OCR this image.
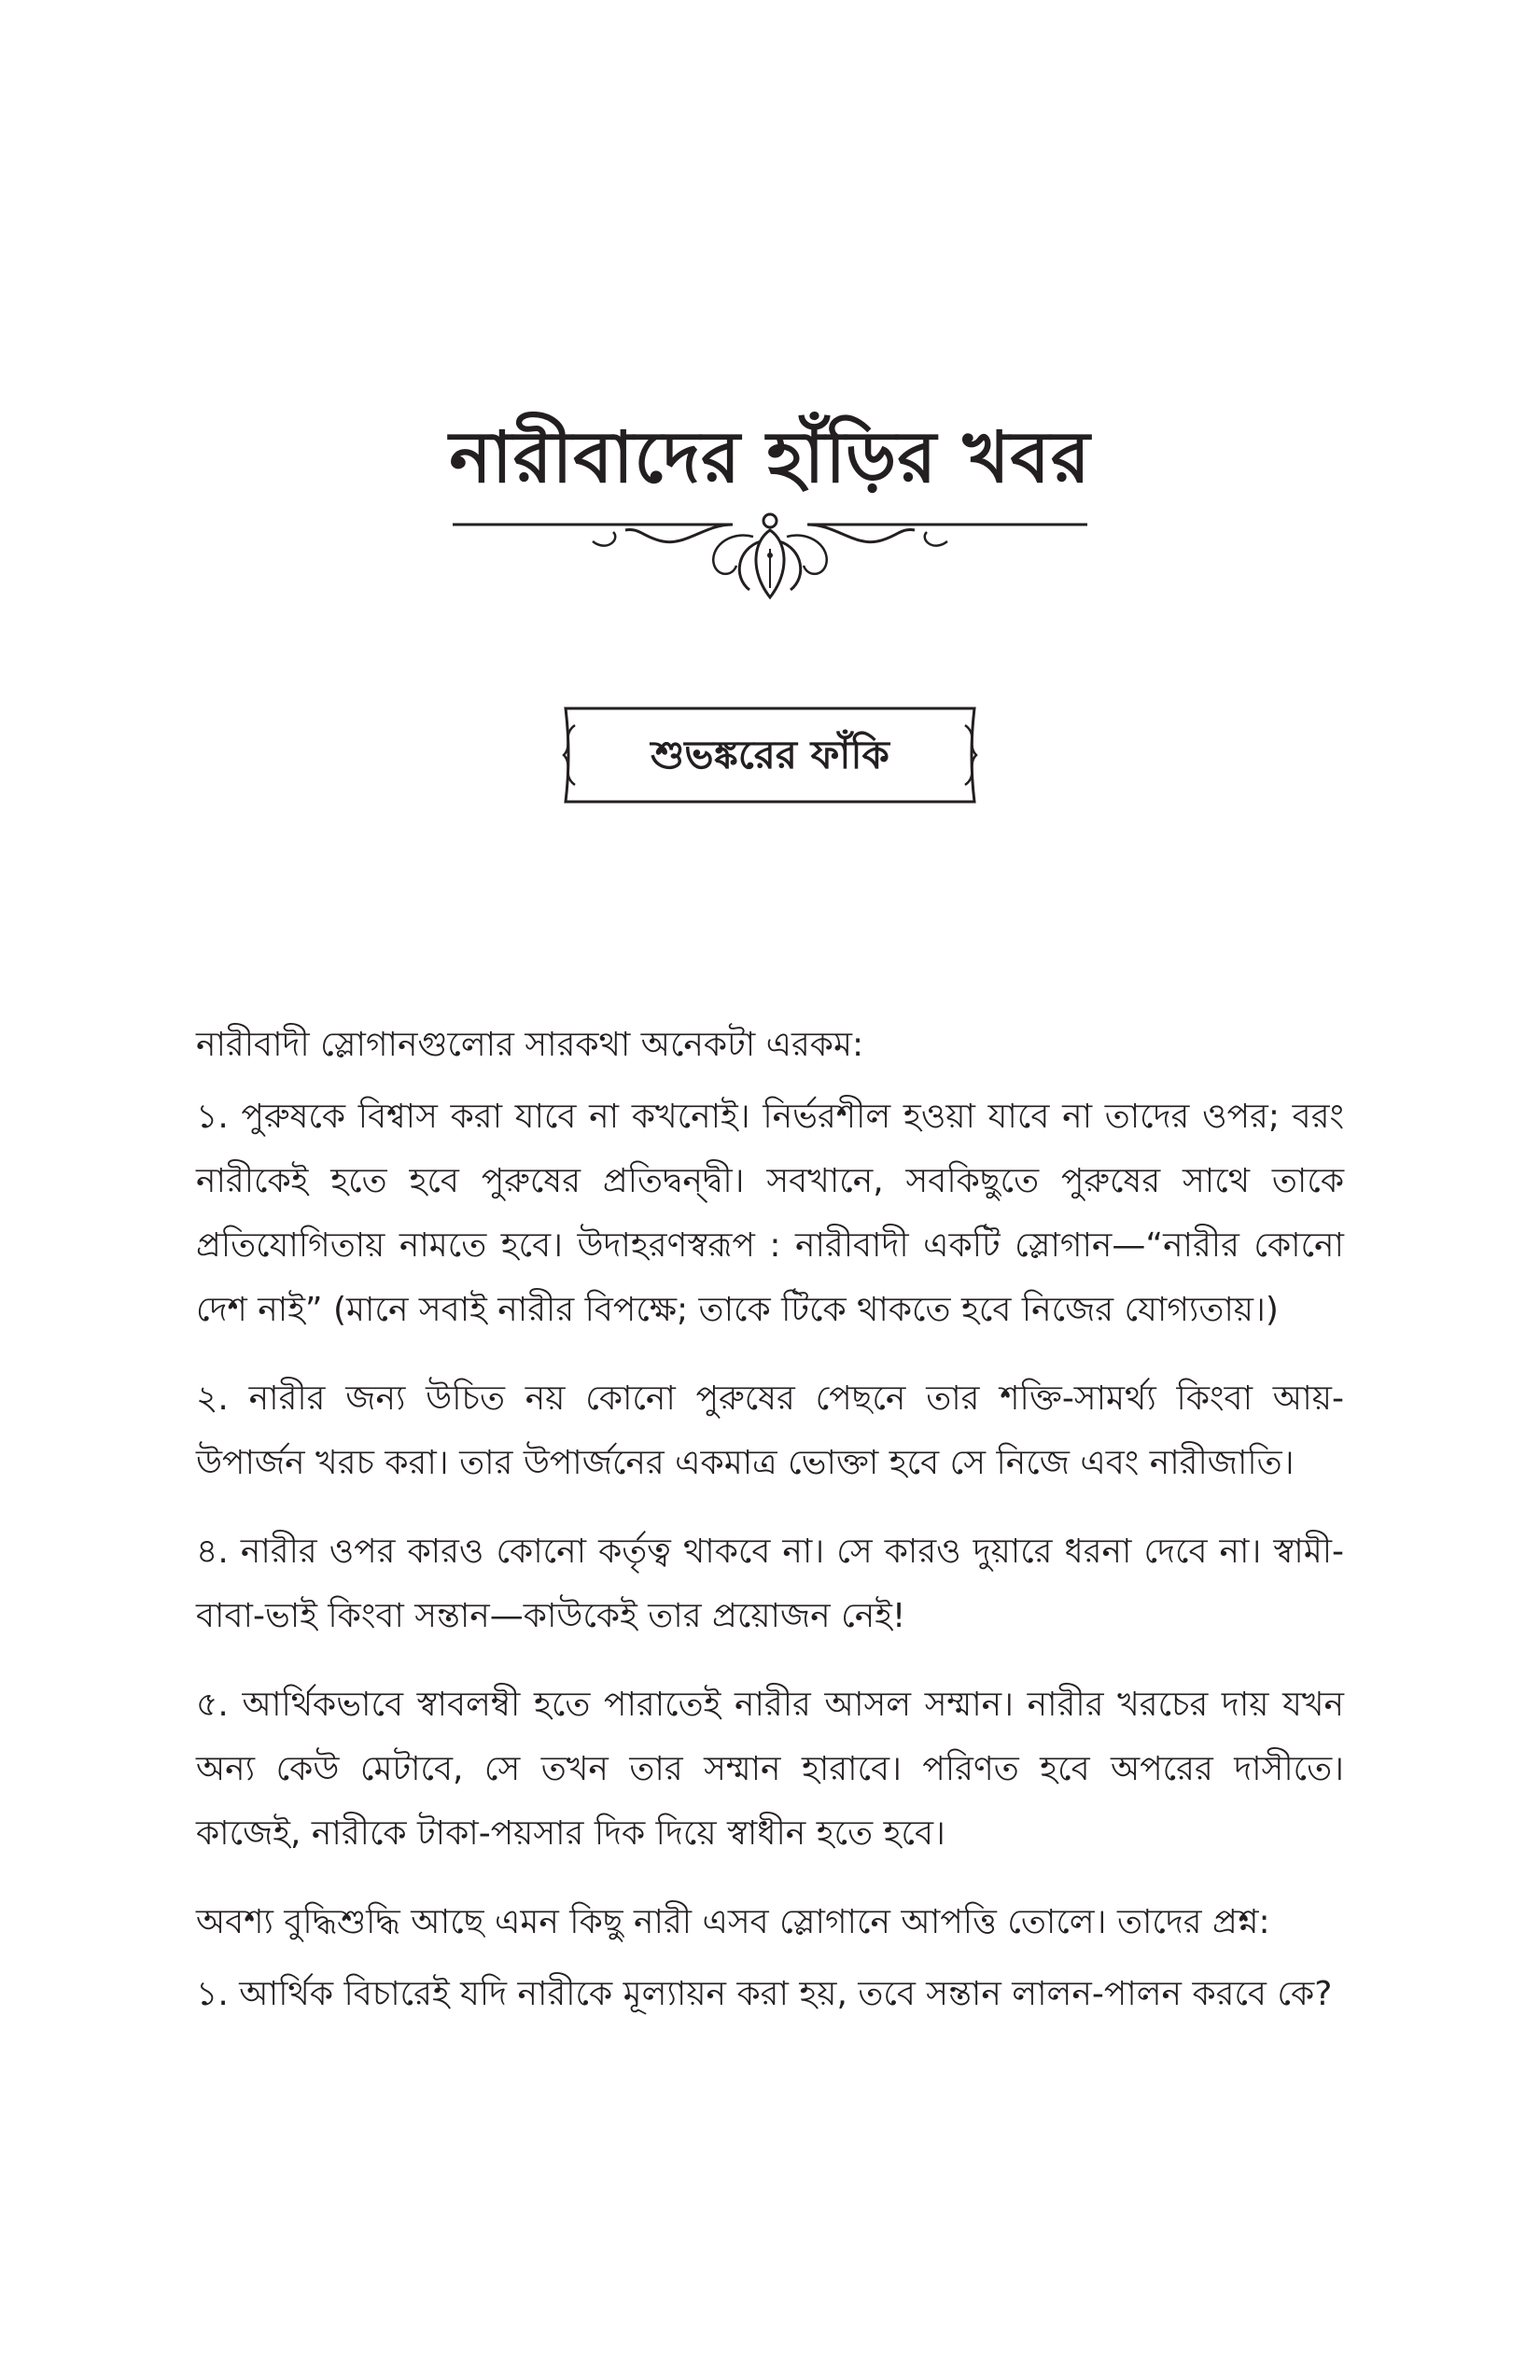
নারীবাদের হাঁড়ির খবর
শুভঙ্করের ফাঁকি

নারীবাদী স্লোগানগুলোর সারকথা অনেকটা এরকম:

১. পুরুষকে বিশ্বাস করা যাবে না কখনোই। নির্ভরশীল হওয়া যাবে না তাদের ওপর; বরং নারীকেই হতে হবে পুরুষের প্রতিদ্বন্দ্বী। সবখানে, সবকিছুতে পুরুষের সাথে তাকে প্রতিযোগিতায় নামতে হবে। উদাহরণস্বরূপ : নারীবাদী একটি স্লোগান—“নারীর কোনো দেশ নাই” (মানে সবাই নারীর বিপক্ষে; তাকে টিকে থাকতে হবে নিজের যোগ্যতায়।)

২. নারীর জন্য উচিত নয় কোনো পুরুষের পেছনে তার শক্তি-সামর্থ্য কিংবা আয়-উপার্জন খরচ করা। তার উপার্জনের একমাত্র ভোক্তা হবে সে নিজে এবং নারীজাতি।

৪. নারীর ওপর কারও কোনো কর্তৃত্ব থাকবে না। সে কারও দুয়ারে ধরনা দেবে না। স্বামী-বাবা-ভাই কিংবা সন্তান—কাউকেই তার প্রয়োজন নেই!

৫. আর্থিকভাবে স্বাবলম্বী হতে পারাতেই নারীর আসল সম্মান। নারীর খরচের দায় যখন অন্য কেউ মেটাবে, সে তখন তার সম্মান হারাবে। পরিণত হবে অপরের দাসীতে। কাজেই, নারীকে টাকা-পয়সার দিক দিয়ে স্বাধীন হতে হবে।

অবশ্য বুদ্ধিশুদ্ধি আছে এমন কিছু নারী এসব স্লোগানে আপত্তি তোলে। তাদের প্রশ্ন:

১. আর্থিক বিচারেই যদি নারীকে মূল্যায়ন করা হয়, তবে সন্তান লালন-পালন করবে কে?
